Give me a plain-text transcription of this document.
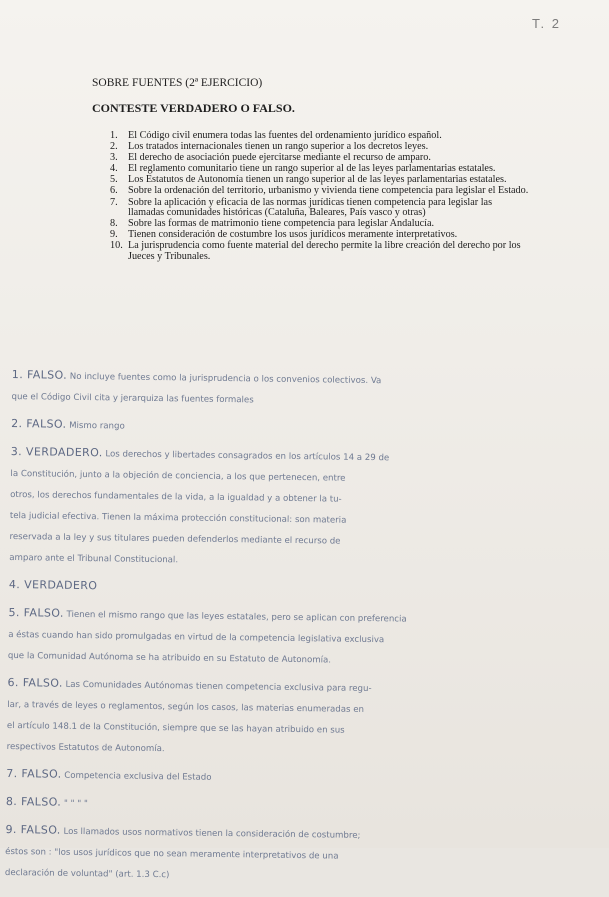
T. 2

SOBRE FUENTES (2ª EJERCICIO)

CONTESTE VERDADERO O FALSO.

1.	El Código civil enumera todas las fuentes del ordenamiento jurídico español.
2.	Los tratados internacionales tienen un rango superior a los decretos leyes.
3.	El derecho de asociación puede ejercitarse mediante el recurso de amparo.
4.	El reglamento comunitario tiene un rango superior al de las leyes parlamentarias estatales.
5.	Los Estatutos de Autonomía tienen un rango superior al de las leyes parlamentarias estatales.
6.	Sobre la ordenación del territorio, urbanismo y vivienda tiene competencia para legislar el Estado.
7.	Sobre la aplicación y eficacia de las normas jurídicas tienen competencia para legislar las llamadas comunidades históricas (Cataluña, Baleares, País vasco y otras)
8.	Sobre las formas de matrimonio tiene competencia para legislar Andalucía.
9.	Tienen consideración de costumbre los usos jurídicos meramente interpretativos.
10. La jurisprudencia como fuente material del derecho permite la libre creación del derecho por los Jueces y Tribunales.
1. FALSO. No incluye fuentes como la jurisprudencia o los convenios colectivos. Va
que el Código Civil cita y jerarquiza las fuentes formales
2. FALSO. Mismo rango
3. VERDADERO. Los derechos y libertades consagrados en los artículos 14 a 29 de
la Constitución, junto a la objeción de conciencia, a los que pertenecen, entre
otros, los derechos fundamentales de la vida, a la igualdad y a obtener la tu-
tela judicial efectiva. Tienen la máxima protección constitucional: son materia
reservada a la ley y sus titulares pueden defenderlos mediante el recurso de
amparo ante el Tribunal Constitucional.
4. VERDADERO
5. FALSO. Tienen el mismo rango que las leyes estatales, pero se aplican con preferencia
a éstas cuando han sido promulgadas en virtud de la competencia legislativa exclusiva
que la Comunidad Autónoma se ha atribuido en su Estatuto de Autonomía.
6. FALSO. Las Comunidades Autónomas tienen competencia exclusiva para regu-
lar, a través de leyes o reglamentos, según los casos, las materias enumeradas en
el artículo 148.1 de la Constitución, siempre que se las hayan atribuido en sus
respectivos Estatutos de Autonomía.
7. FALSO. Competencia exclusiva del Estado
8. FALSO. " " " "
9. FALSO. Los llamados usos normativos tienen la consideración de costumbre;
éstos son : "los usos jurídicos que no sean meramente interpretativos de una
declaración de voluntad" (art. 1.3 C.c)
